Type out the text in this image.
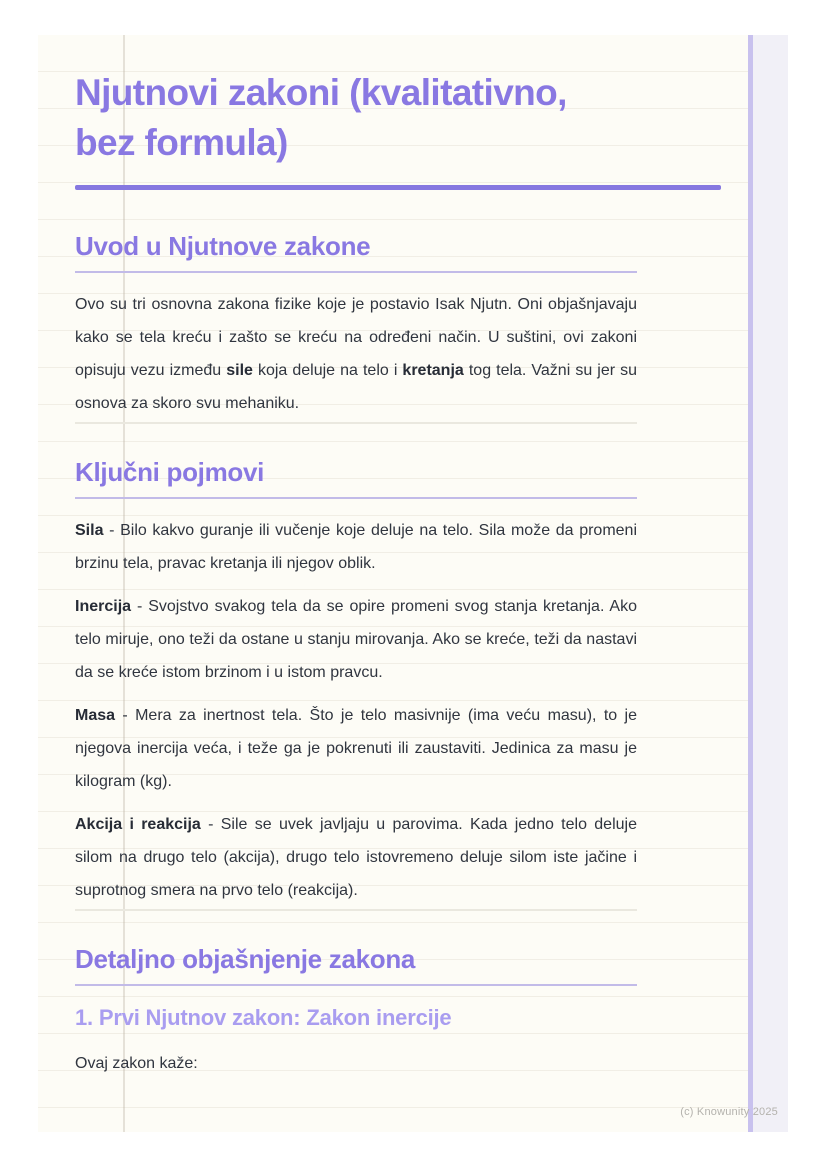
Njutnovi zakoni (kvalitativno,
bez formula)
Uvod u Njutnove zakone

Ovo su tri osnovna zakona fizike koje je postavio Isak Njutn. Oni objašnjavaju kako se tela kreću i zašto se kreću na određeni način. U suštini, ovi zakoni opisuju vezu između sile koja deluje na telo i kretanja tog tela. Važni su jer su osnova za skoro svu mehaniku.

Ključni pojmovi

Sila - Bilo kakvo guranje ili vučenje koje deluje na telo. Sila može da promeni brzinu tela, pravac kretanja ili njegov oblik.

Inercija - Svojstvo svakog tela da se opire promeni svog stanja kretanja. Ako telo miruje, ono teži da ostane u stanju mirovanja. Ako se kreće, teži da nastavi da se kreće istom brzinom i u istom pravcu.

Masa - Mera za inertnost tela. Što je telo masivnije (ima veću masu), to je njegova inercija veća, i teže ga je pokrenuti ili zaustaviti. Jedinica za masu je kilogram (kg).

Akcija i reakcija - Sile se uvek javljaju u parovima. Kada jedno telo deluje silom na drugo telo (akcija), drugo telo istovremeno deluje silom iste jačine i suprotnog smera na prvo telo (reakcija).

Detaljno objašnjenje zakona
1. Prvi Njutnov zakon: Zakon inercije

Ovaj zakon kaže:

(c) Knowunity 2025
